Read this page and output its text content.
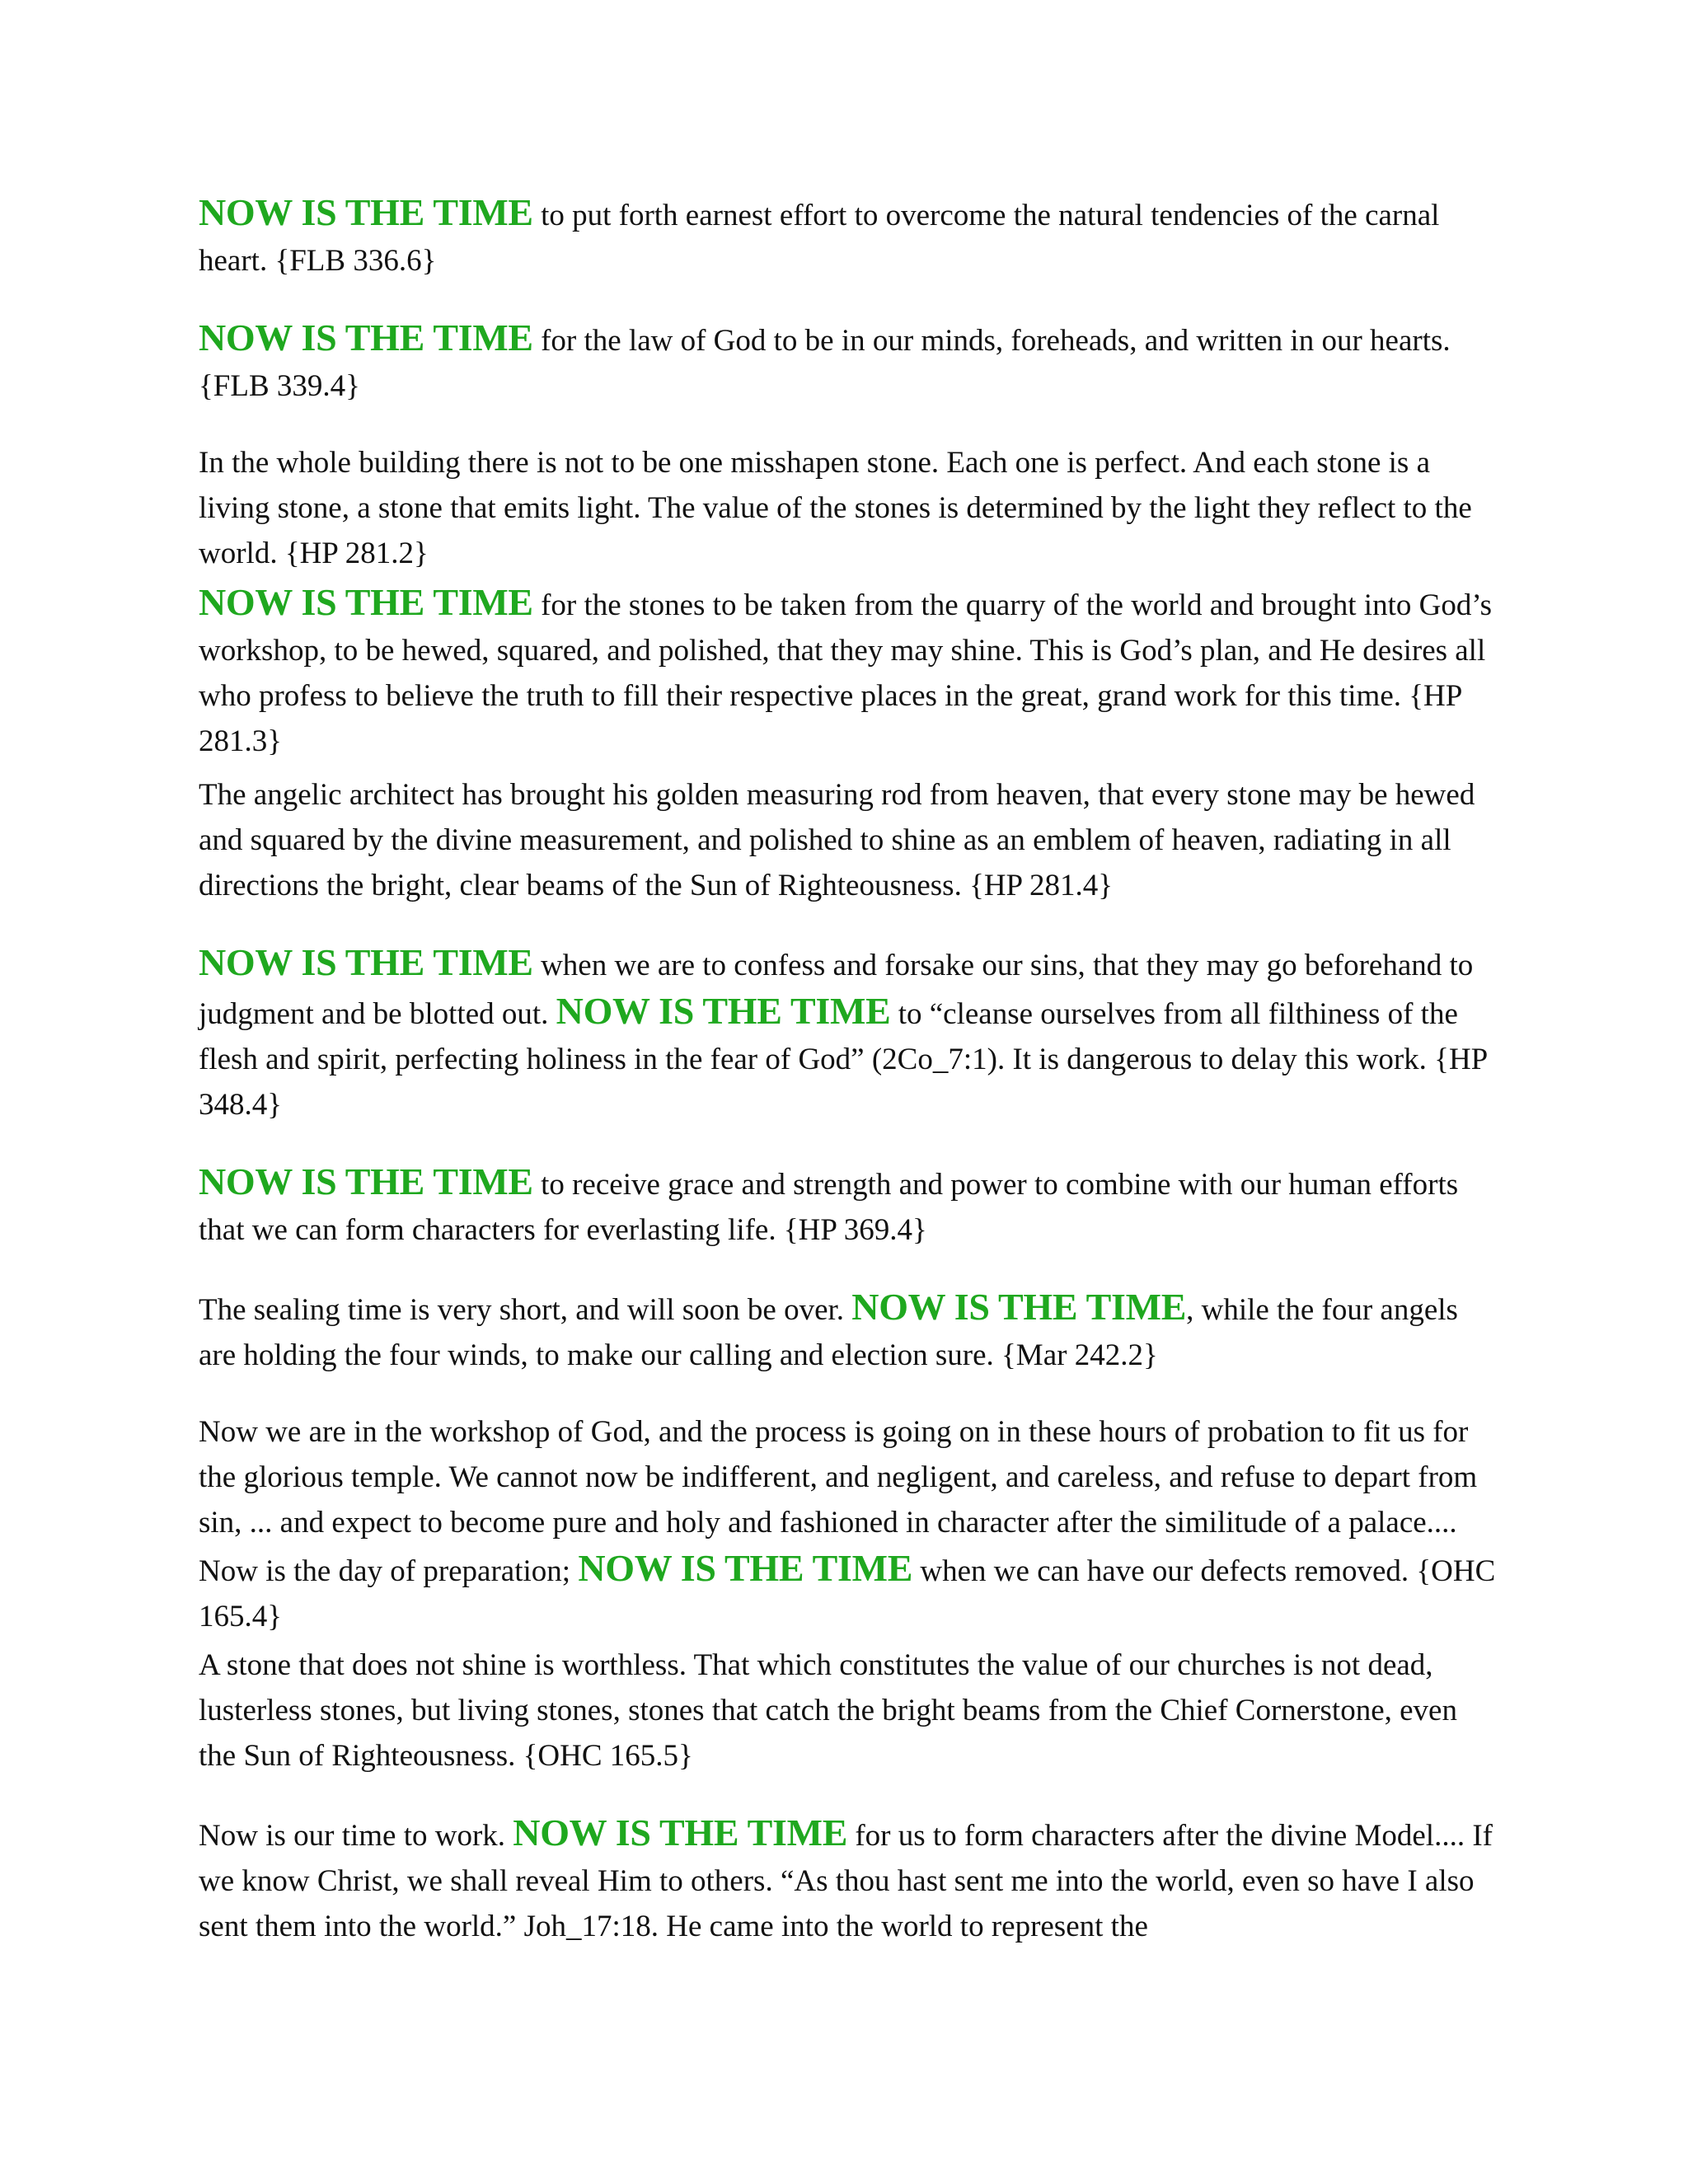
NOW IS THE TIME to put forth earnest effort to overcome the natural tendencies of the carnal heart. {FLB 336.6}

NOW IS THE TIME for the law of God to be in our minds, foreheads, and written in our hearts. {FLB 339.4}

In the whole building there is not to be one misshapen stone. Each one is perfect. And each stone is a living stone, a stone that emits light. The value of the stones is determined by the light they reflect to the world. {HP 281.2}

NOW IS THE TIME for the stones to be taken from the quarry of the world and brought into God’s workshop, to be hewed, squared, and polished, that they may shine. This is God’s plan, and He desires all who profess to believe the truth to fill their respective places in the great, grand work for this time. {HP 281.3}

The angelic architect has brought his golden measuring rod from heaven, that every stone may be hewed and squared by the divine measurement, and polished to shine as an emblem of heaven, radiating in all directions the bright, clear beams of the Sun of Righteousness. {HP 281.4}

NOW IS THE TIME when we are to confess and forsake our sins, that they may go beforehand to judgment and be blotted out. NOW IS THE TIME to “cleanse ourselves from all filthiness of the flesh and spirit, perfecting holiness in the fear of God” (2Co_7:1). It is dangerous to delay this work. {HP 348.4}

NOW IS THE TIME to receive grace and strength and power to combine with our human efforts that we can form characters for everlasting life. {HP 369.4}

The sealing time is very short, and will soon be over. NOW IS THE TIME, while the four angels are holding the four winds, to make our calling and election sure. {Mar 242.2}

Now we are in the workshop of God, and the process is going on in these hours of probation to fit us for the glorious temple. We cannot now be indifferent, and negligent, and careless, and refuse to depart from sin, ... and expect to become pure and holy and fashioned in character after the similitude of a palace.... Now is the day of preparation; NOW IS THE TIME when we can have our defects removed. {OHC 165.4}

A stone that does not shine is worthless. That which constitutes the value of our churches is not dead, lusterless stones, but living stones, stones that catch the bright beams from the Chief Cornerstone, even the Sun of Righteousness. {OHC 165.5}

Now is our time to work. NOW IS THE TIME for us to form characters after the divine Model.... If we know Christ, we shall reveal Him to others. “As thou hast sent me into the world, even so have I also sent them into the world.” Joh_17:18. He came into the world to represent the
